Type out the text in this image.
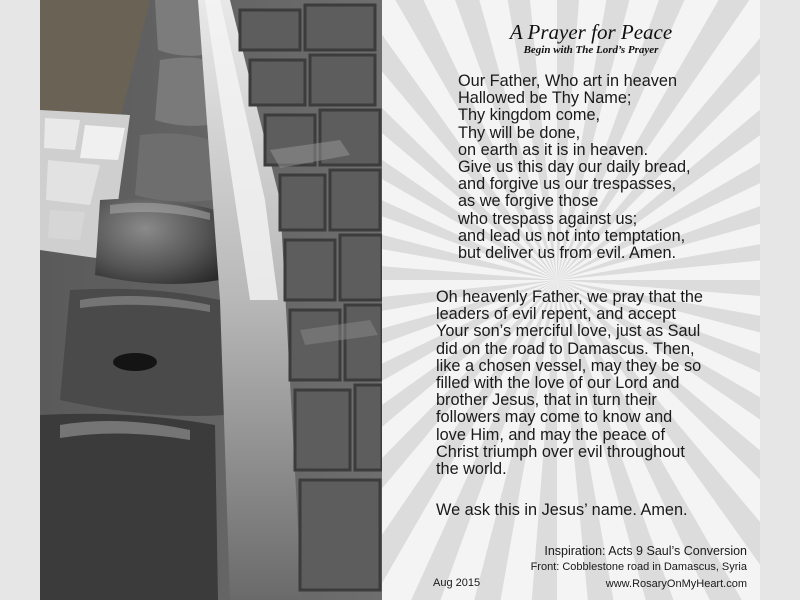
A Prayer for Peace
Begin with The Lord’s Prayer
Our Father, Who art in heaven
Hallowed be Thy Name;
Thy kingdom come,
Thy will be done,
on earth as it is in heaven.
Give us this day our daily bread,
and forgive us our trespasses,
as we forgive those
who trespass against us;
and lead us not into temptation,
but deliver us from evil. Amen.
Oh heavenly Father, we pray that the
leaders of evil repent, and accept
Your son’s merciful love, just as Saul
did on the road to Damascus. Then,
like a chosen vessel, may they be so
filled with the love of our Lord and
brother Jesus, that in turn their
followers may come to know and
love Him, and may the peace of
Christ triumph over evil throughout
the world.
We ask this in Jesus’ name. Amen.
Inspiration: Acts 9 Saul’s Conversion
Front: Cobblestone road in Damascus, Syria
www.RosaryOnMyHeart.com
Aug 2015
